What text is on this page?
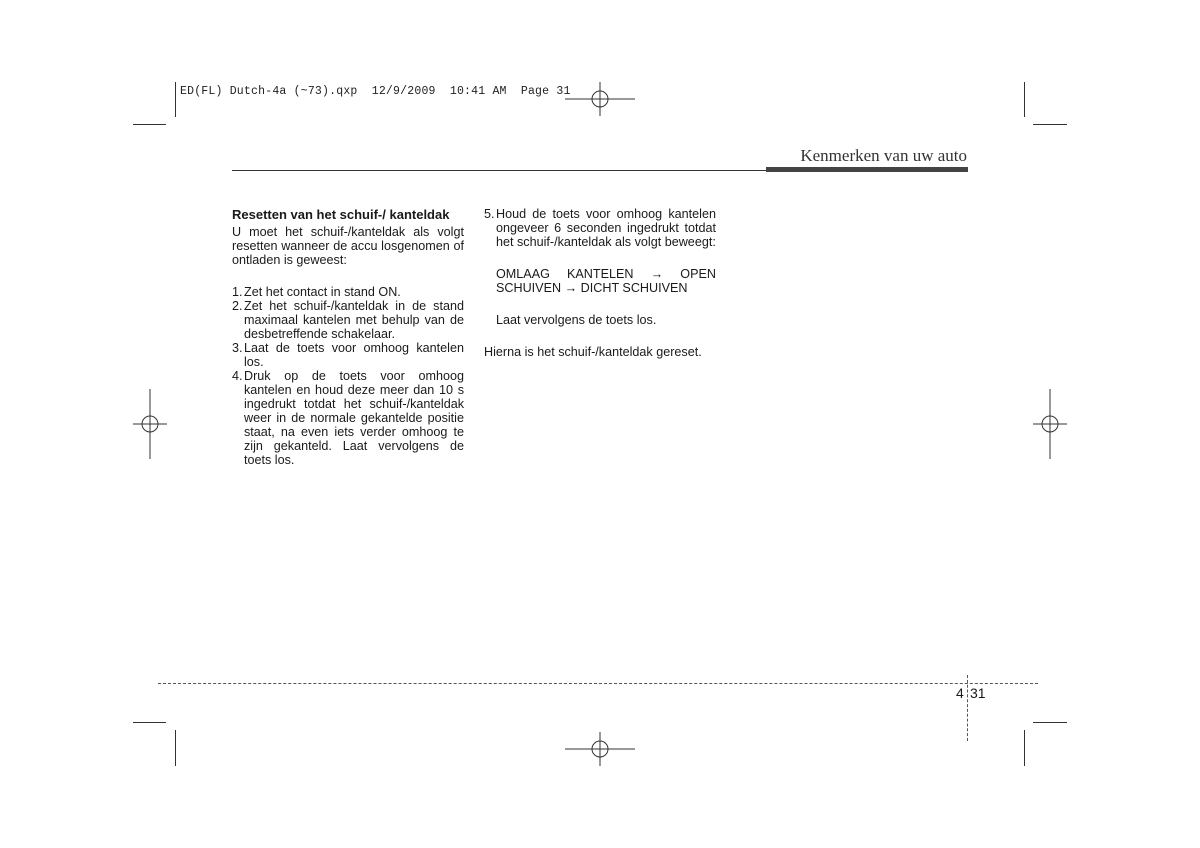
ED(FL) Dutch-4a (~73).qxp  12/9/2009  10:41 AM  Page 31
Kenmerken van uw auto

Resetten van het schuif-/ kanteldak

U moet het schuif-/kanteldak als volgt resetten wanneer de accu losgenomen of ontladen is geweest:

1. Zet het contact in stand ON.
2. Zet het schuif-/kanteldak in de stand maximaal kantelen met behulp van de desbetreffende schakelaar.
3. Laat de toets voor omhoog kantelen los.
4. Druk op de toets voor omhoog kantelen en houd deze meer dan 10 s ingedrukt totdat het schuif-/kanteldak weer in de normale gekantelde positie staat, na even iets verder omhoog te zijn gekanteld. Laat vervolgens de toets los.
5. Houd de toets voor omhoog kantelen ongeveer 6 seconden ingedrukt totdat het schuif-/kanteldak als volgt beweegt:

OMLAAG KANTELEN → OPEN SCHUIVEN → DICHT SCHUIVEN

Laat vervolgens de toets los.

Hierna is het schuif-/kanteldak gereset.

4 31
